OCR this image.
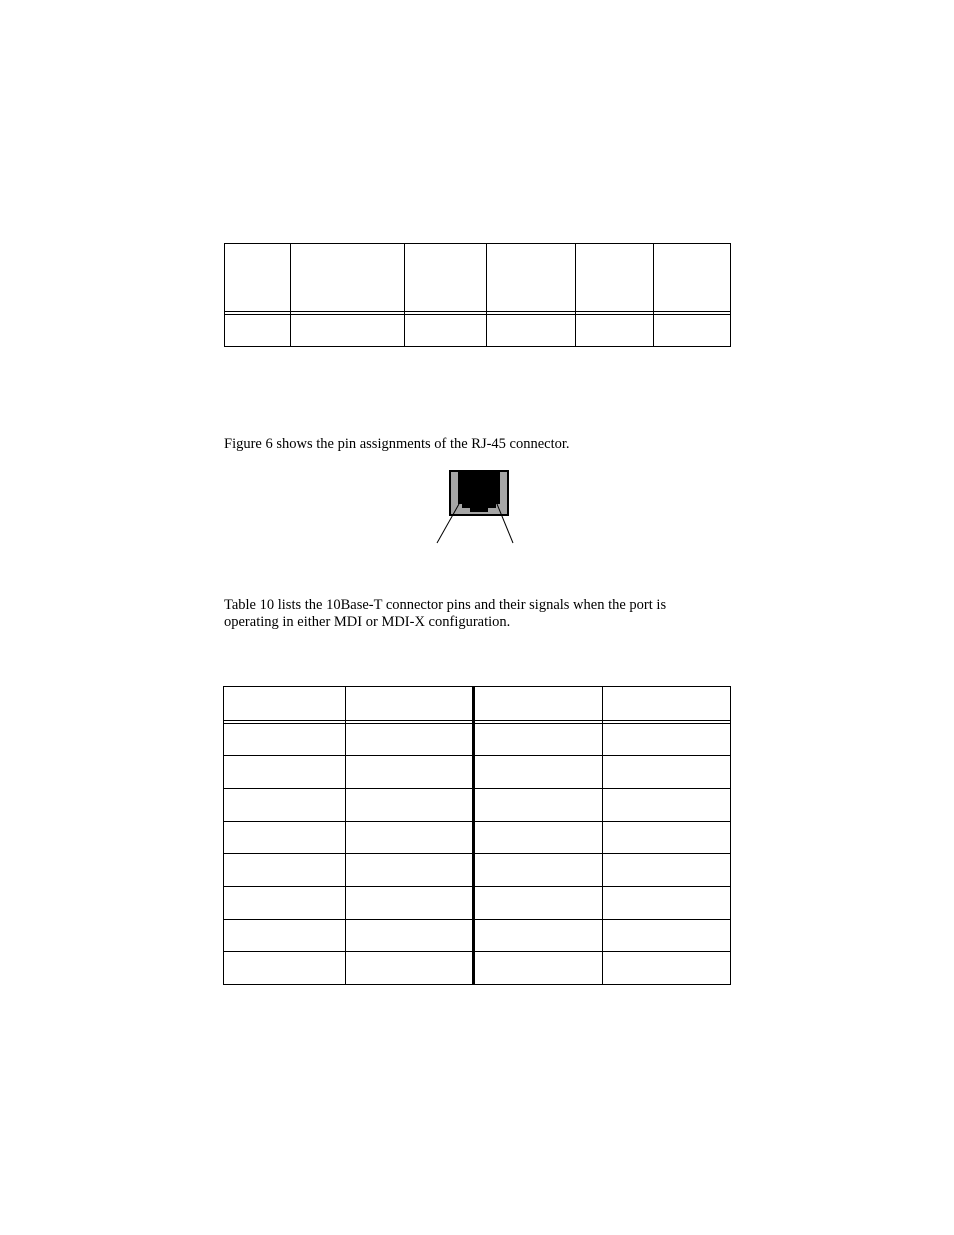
Figure 6 shows the pin assignments of the RJ-45 connector.

Table 10 lists the 10Base-T connector pins and their signals when the port is

operating in either MDI or MDI-X configuration.
